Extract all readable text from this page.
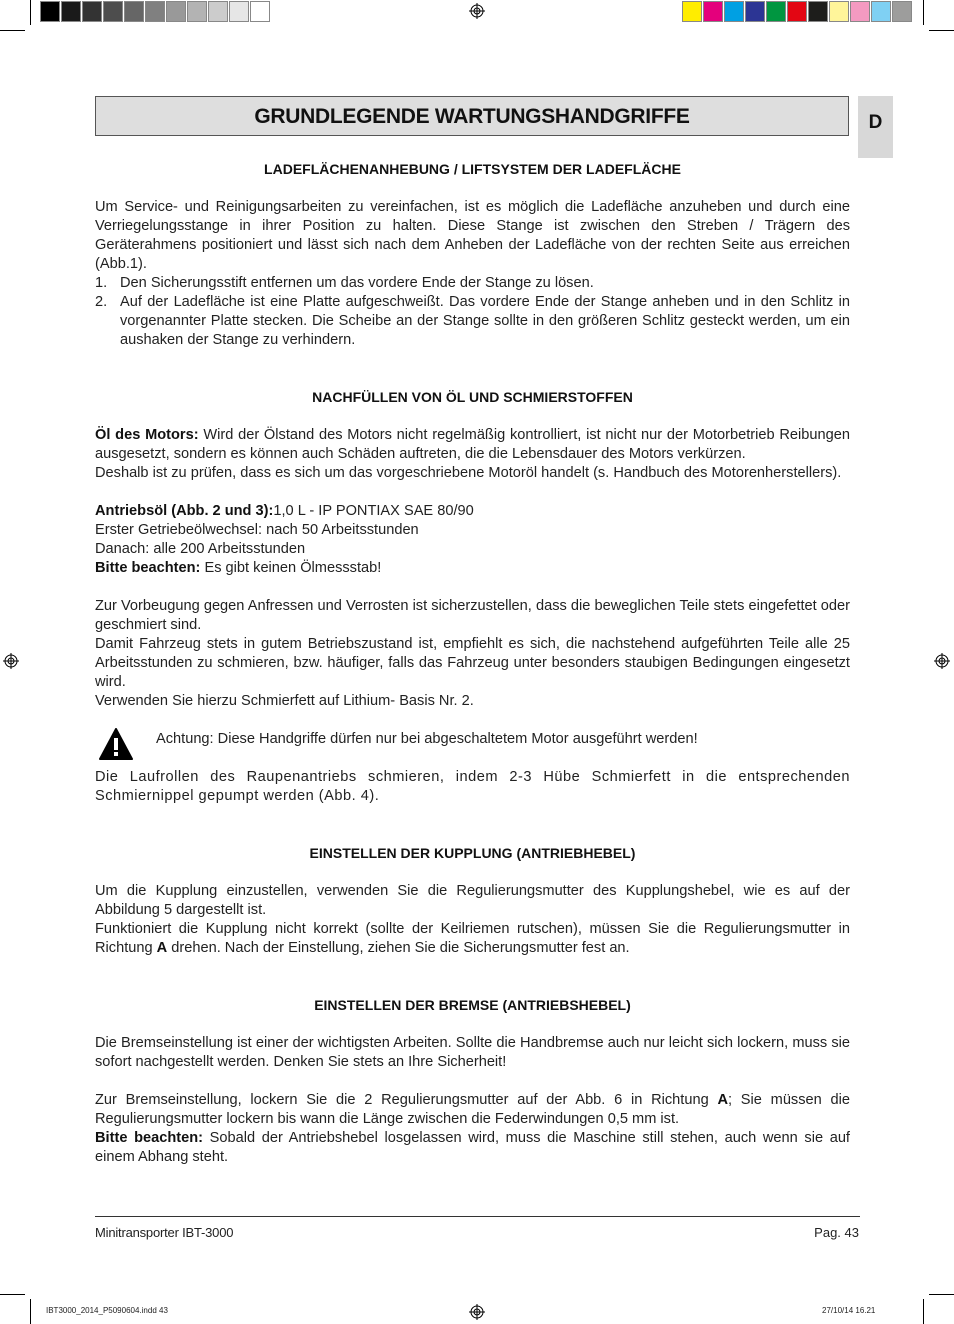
GRUNDLEGENDE WARTUNGSHANDGRIFFE	D

LADEFLÄCHENANHEBUNG / LIFTSYSTEM DER LADEFLÄCHE

Um Service- und Reinigungsarbeiten zu vereinfachen, ist es möglich die Ladefläche anzuheben und durch eine Verriegelungsstange in ihrer Position zu halten. Diese Stange ist zwischen den Streben / Trägern des Geräterahmens positioniert und lässt sich nach dem Anheben der Ladefläche von der rechten Seite aus erreichen (Abb.1).

1. Den Sicherungsstift entfernen um das vordere Ende der Stange zu lösen.
2. Auf der Ladefläche ist eine Platte aufgeschweißt. Das vordere Ende der Stange anheben und in den Schlitz in vorgenannter Platte stecken. Die Scheibe an der Stange sollte in den größeren Schlitz gesteckt werden, um ein aushaken der Stange zu verhindern.

NACHFÜLLEN VON ÖL UND SCHMIERSTOFFEN

Öl des Motors: Wird der Ölstand des Motors nicht regelmäßig kontrolliert, ist nicht nur der Motorbetrieb Reibungen ausgesetzt, sondern es können auch Schäden auftreten, die die Lebensdauer des Motors verkürzen.

Deshalb ist zu prüfen, dass es sich um das vorgeschriebene Motoröl handelt (s. Handbuch des Motorenherstellers).

Antriebsöl (Abb. 2 und 3):1,0 L - IP PONTIAX SAE 80/90

Erster Getriebeölwechsel: nach 50 Arbeitsstunden

Danach: alle 200 Arbeitsstunden

Bitte beachten: Es gibt keinen Ölmessstab!

Zur Vorbeugung gegen Anfressen und Verrosten ist sicherzustellen, dass die beweglichen Teile stets eingefettet oder geschmiert sind.

Damit Fahrzeug stets in gutem Betriebszustand ist, empfiehlt es sich, die nachstehend aufgeführten Teile alle 25 Arbeitsstunden zu schmieren, bzw. häufiger, falls das Fahrzeug unter besonders staubigen Bedingungen eingesetzt wird.

Verwenden Sie hierzu Schmierfett auf Lithium- Basis Nr. 2.

Achtung: Diese Handgriffe dürfen nur bei abgeschaltetem Motor ausgeführt werden!

Die Laufrollen des Raupenantriebs schmieren, indem 2-3 Hübe Schmierfett in die entsprechenden Schmiernippel gepumpt werden (Abb. 4).

EINSTELLEN DER KUPPLUNG (ANTRIEBHEBEL)

Um die Kupplung einzustellen, verwenden Sie die Regulierungsmutter des Kupplungshebel, wie es auf der Abbildung 5 dargestellt ist.

Funktioniert die Kupplung nicht korrekt (sollte der Keilriemen rutschen), müssen Sie die Regulierungsmutter in Richtung A drehen. Nach der Einstellung, ziehen Sie die Sicherungsmutter fest an.

EINSTELLEN DER BREMSE (ANTRIEBSHEBEL)

Die Bremseinstellung ist einer der wichtigsten Arbeiten. Sollte die Handbremse auch nur leicht sich lockern, muss sie sofort nachgestellt werden. Denken Sie stets an Ihre Sicherheit!

Zur Bremseinstellung, lockern Sie die 2 Regulierungsmutter auf der Abb. 6 in Richtung A; Sie müssen die Regulierungsmutter lockern bis wann die Länge zwischen die Federwindungen 0,5 mm ist.

Bitte beachten: Sobald der Antriebshebel losgelassen wird, muss die Maschine still stehen, auch wenn sie auf einem Abhang steht.

Minitransporter IBT-3000	Pag. 43
IBT3000_2014_P5090604.indd 43	27/10/14 16.21
